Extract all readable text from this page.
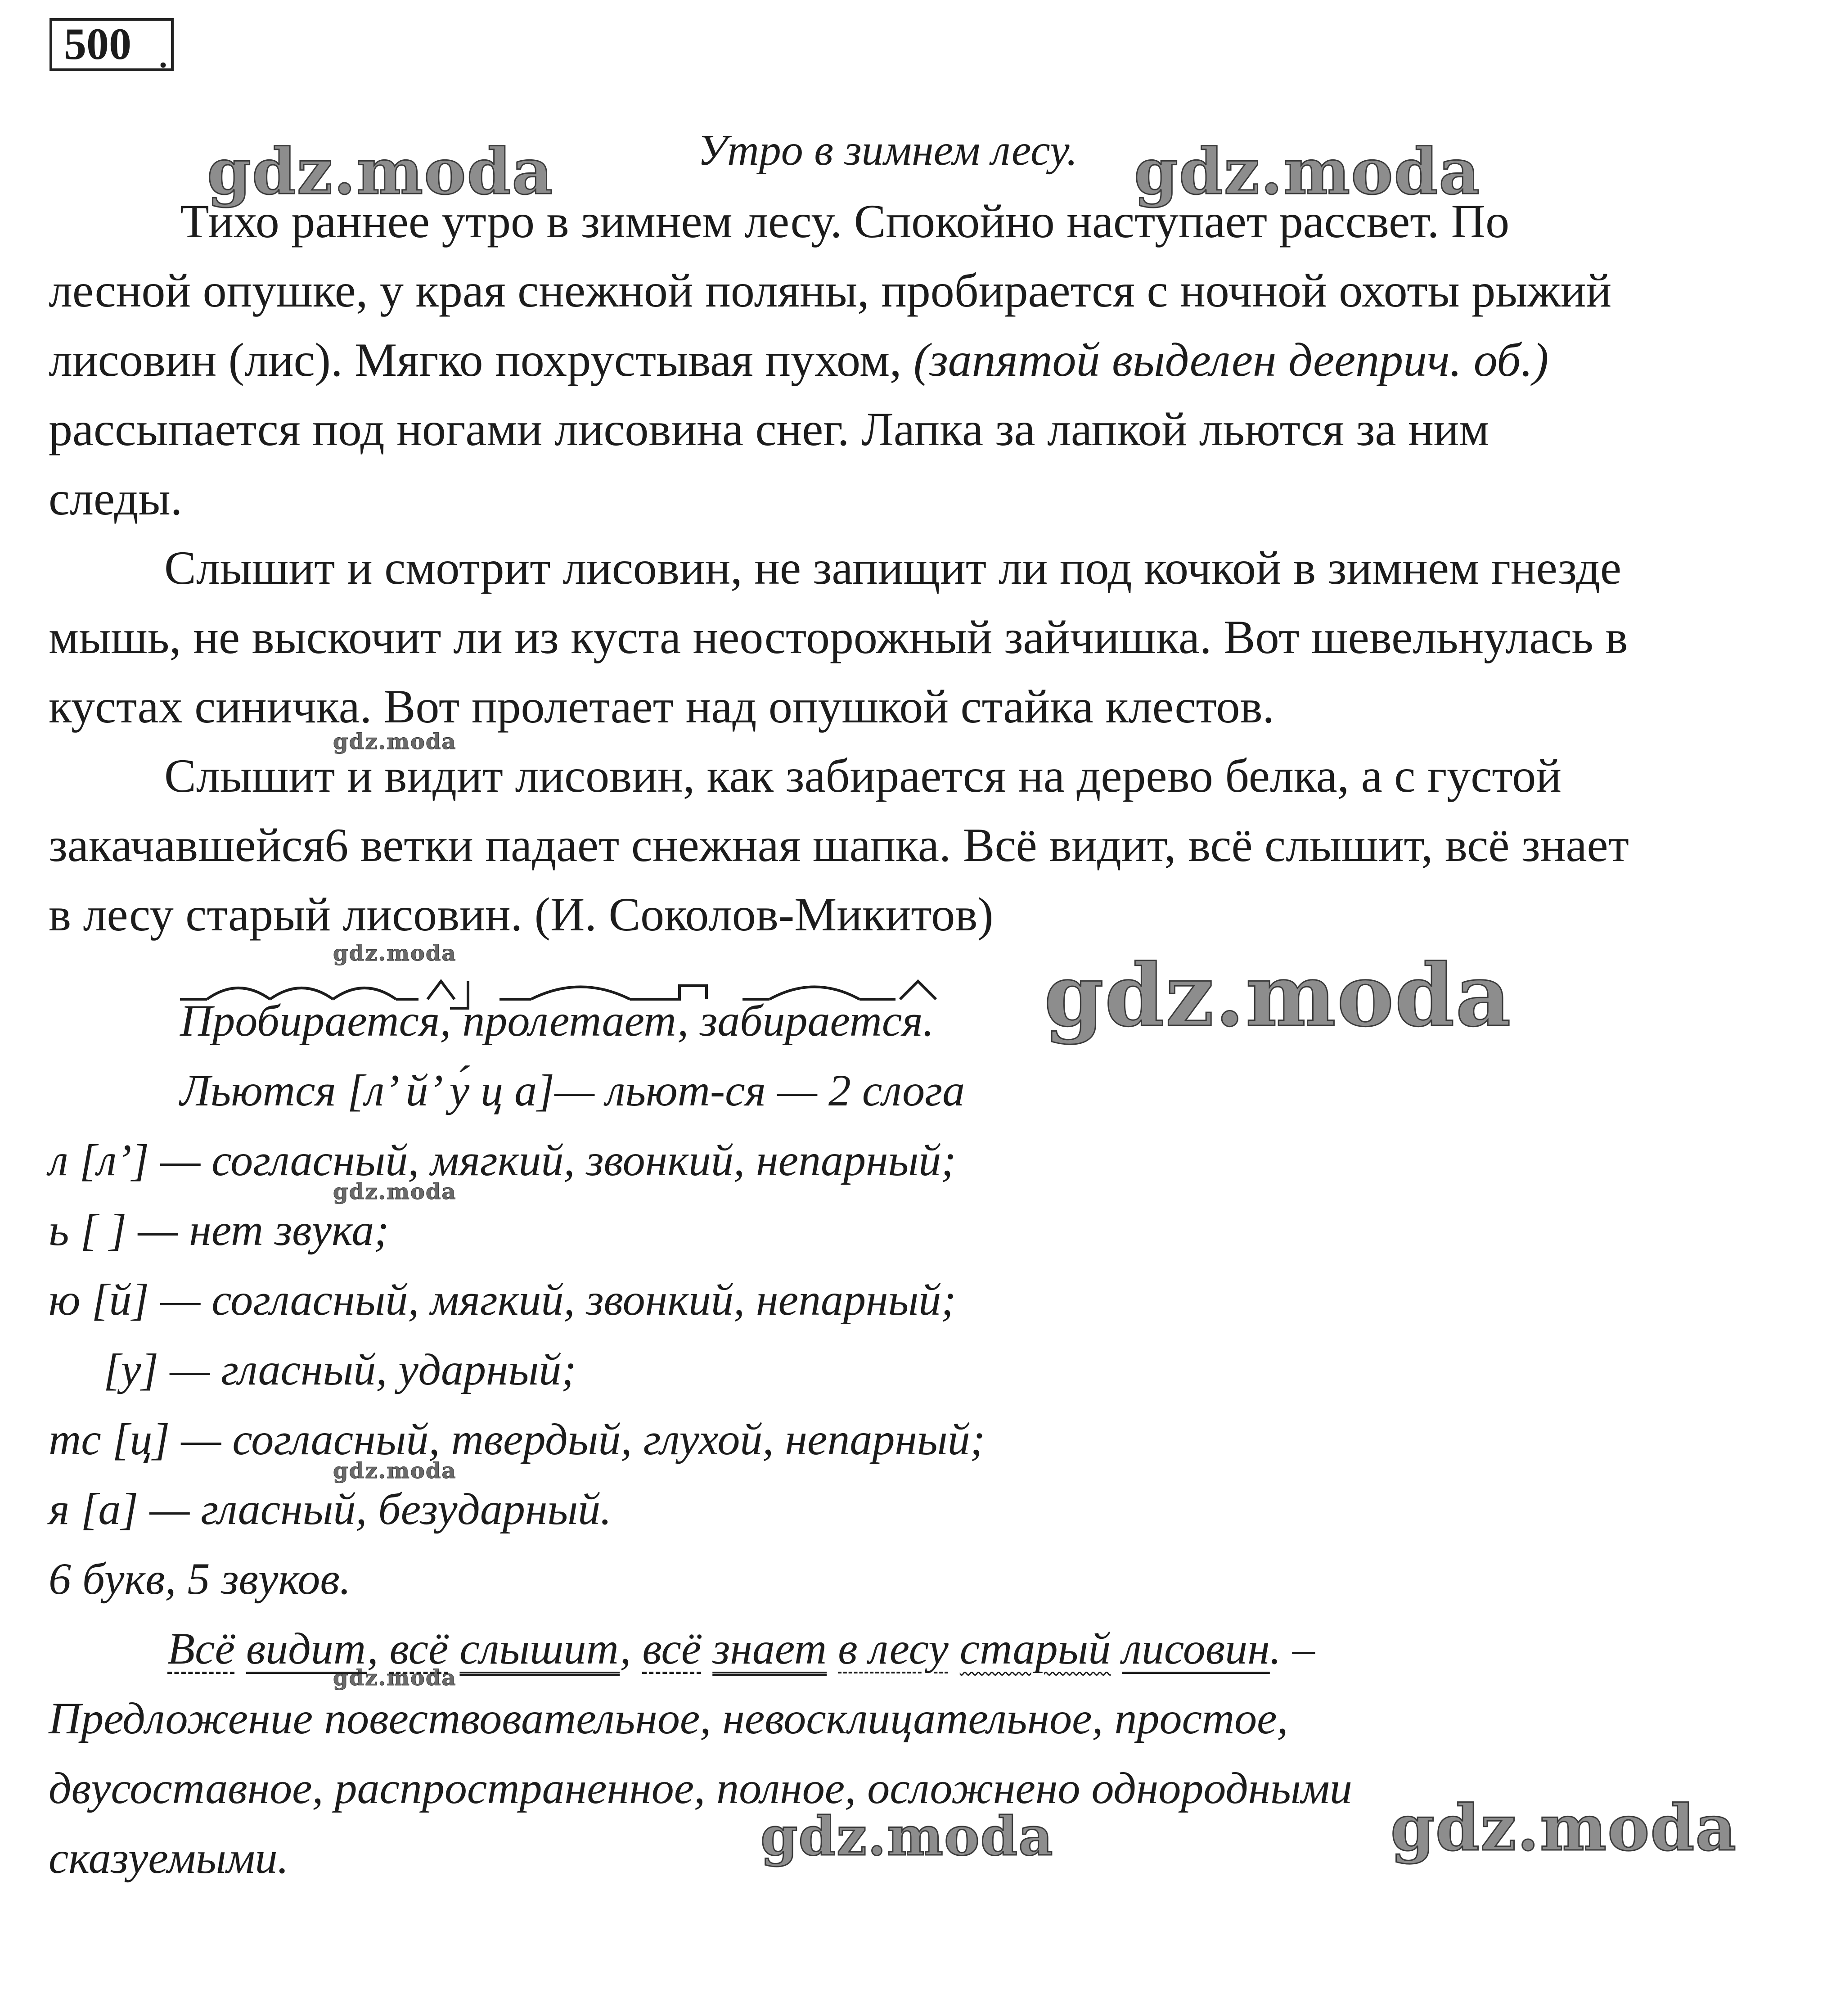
500 .
Утро в зимнем лесу.
gdz.moda	gdz.moda
gdz.moda
gdz.moda	gdz.moda
gdz.moda
gdz.moda
gdz.moda
gdz.moda	gdz.moda
Тихо раннее утро в зимнем лесу. Спокойно наступает рассвет. По
лесной опушке, у края снежной поляны, пробирается с ночной охоты рыжий
лисовин (лис). Мягко похрустывая пухом, (запятой выделен дееприч. об.)
рассыпается под ногами лисовина снег. Лапка за лапкой льются за ним
следы.
Слышит и смотрит лисовин, не запищит ли под кочкой в зимнем гнезде
мышь, не выскочит ли из куста неосторожный зайчишка. Вот шевельнулась в
кустах синичка. Вот пролетает над опушкой стайка клестов.
Слышит и видит лисовин, как забирается на дерево белка, а с густой
закачавшейся6 ветки падает снежная шапка. Всё видит, всё слышит, всё знает
в лесу старый лисовин. (И. Соколов-Микитов)
Пробирается, пролетает, забирается.
Льются [л’ й’ у́ ц а]— льют-ся — 2 слога
л [л’] — согласный, мягкий, звонкий, непарный;
ь [ ] — нет звука;
ю [й] — согласный, мягкий, звонкий, непарный;
[у] — гласный, ударный;
тс [ц] — согласный, твердый, глухой, непарный;
я [а] — гласный, безударный.
6 букв, 5 звуков.
Всё видит, всё слышит, всё знает в лесу старый лисовин. –
Предложение повествовательное, невосклицательное, простое,
двусоставное, распространенное, полное, осложнено однородными
сказуемыми.
